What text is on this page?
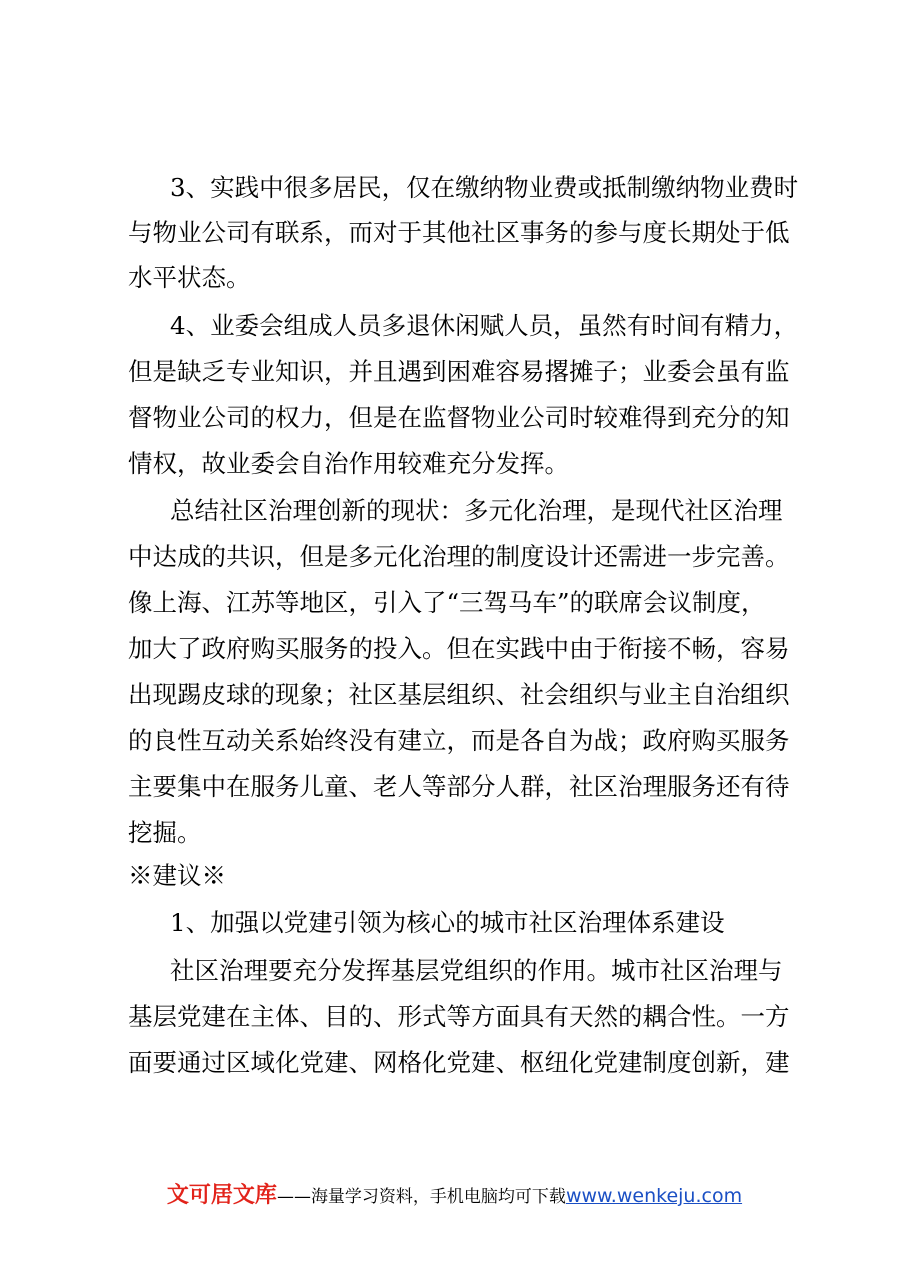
3、实践中很多居民，仅在缴纳物业费或抵制缴纳物业费时
与物业公司有联系，而对于其他社区事务的参与度长期处于低
水平状态。
4、业委会组成人员多退休闲赋人员，虽然有时间有精力，
但是缺乏专业知识，并且遇到困难容易撂摊子；业委会虽有监
督物业公司的权力，但是在监督物业公司时较难得到充分的知
情权，故业委会自治作用较难充分发挥。
总结社区治理创新的现状：多元化治理，是现代社区治理
中达成的共识，但是多元化治理的制度设计还需进一步完善。
像上海、江苏等地区，引入了“三驾马车”的联席会议制度，
加大了政府购买服务的投入。但在实践中由于衔接不畅，容易
出现踢皮球的现象；社区基层组织、社会组织与业主自治组织
的良性互动关系始终没有建立，而是各自为战；政府购买服务
主要集中在服务儿童、老人等部分人群，社区治理服务还有待
挖掘。
※建议※
1、加强以党建引领为核心的城市社区治理体系建设
社区治理要充分发挥基层党组织的作用。城市社区治理与
基层党建在主体、目的、形式等方面具有天然的耦合性。一方
面要通过区域化党建、网格化党建、枢纽化党建制度创新，建
文可居文库——海量学习资料，手机电脑均可下载www.wenkeju.com
